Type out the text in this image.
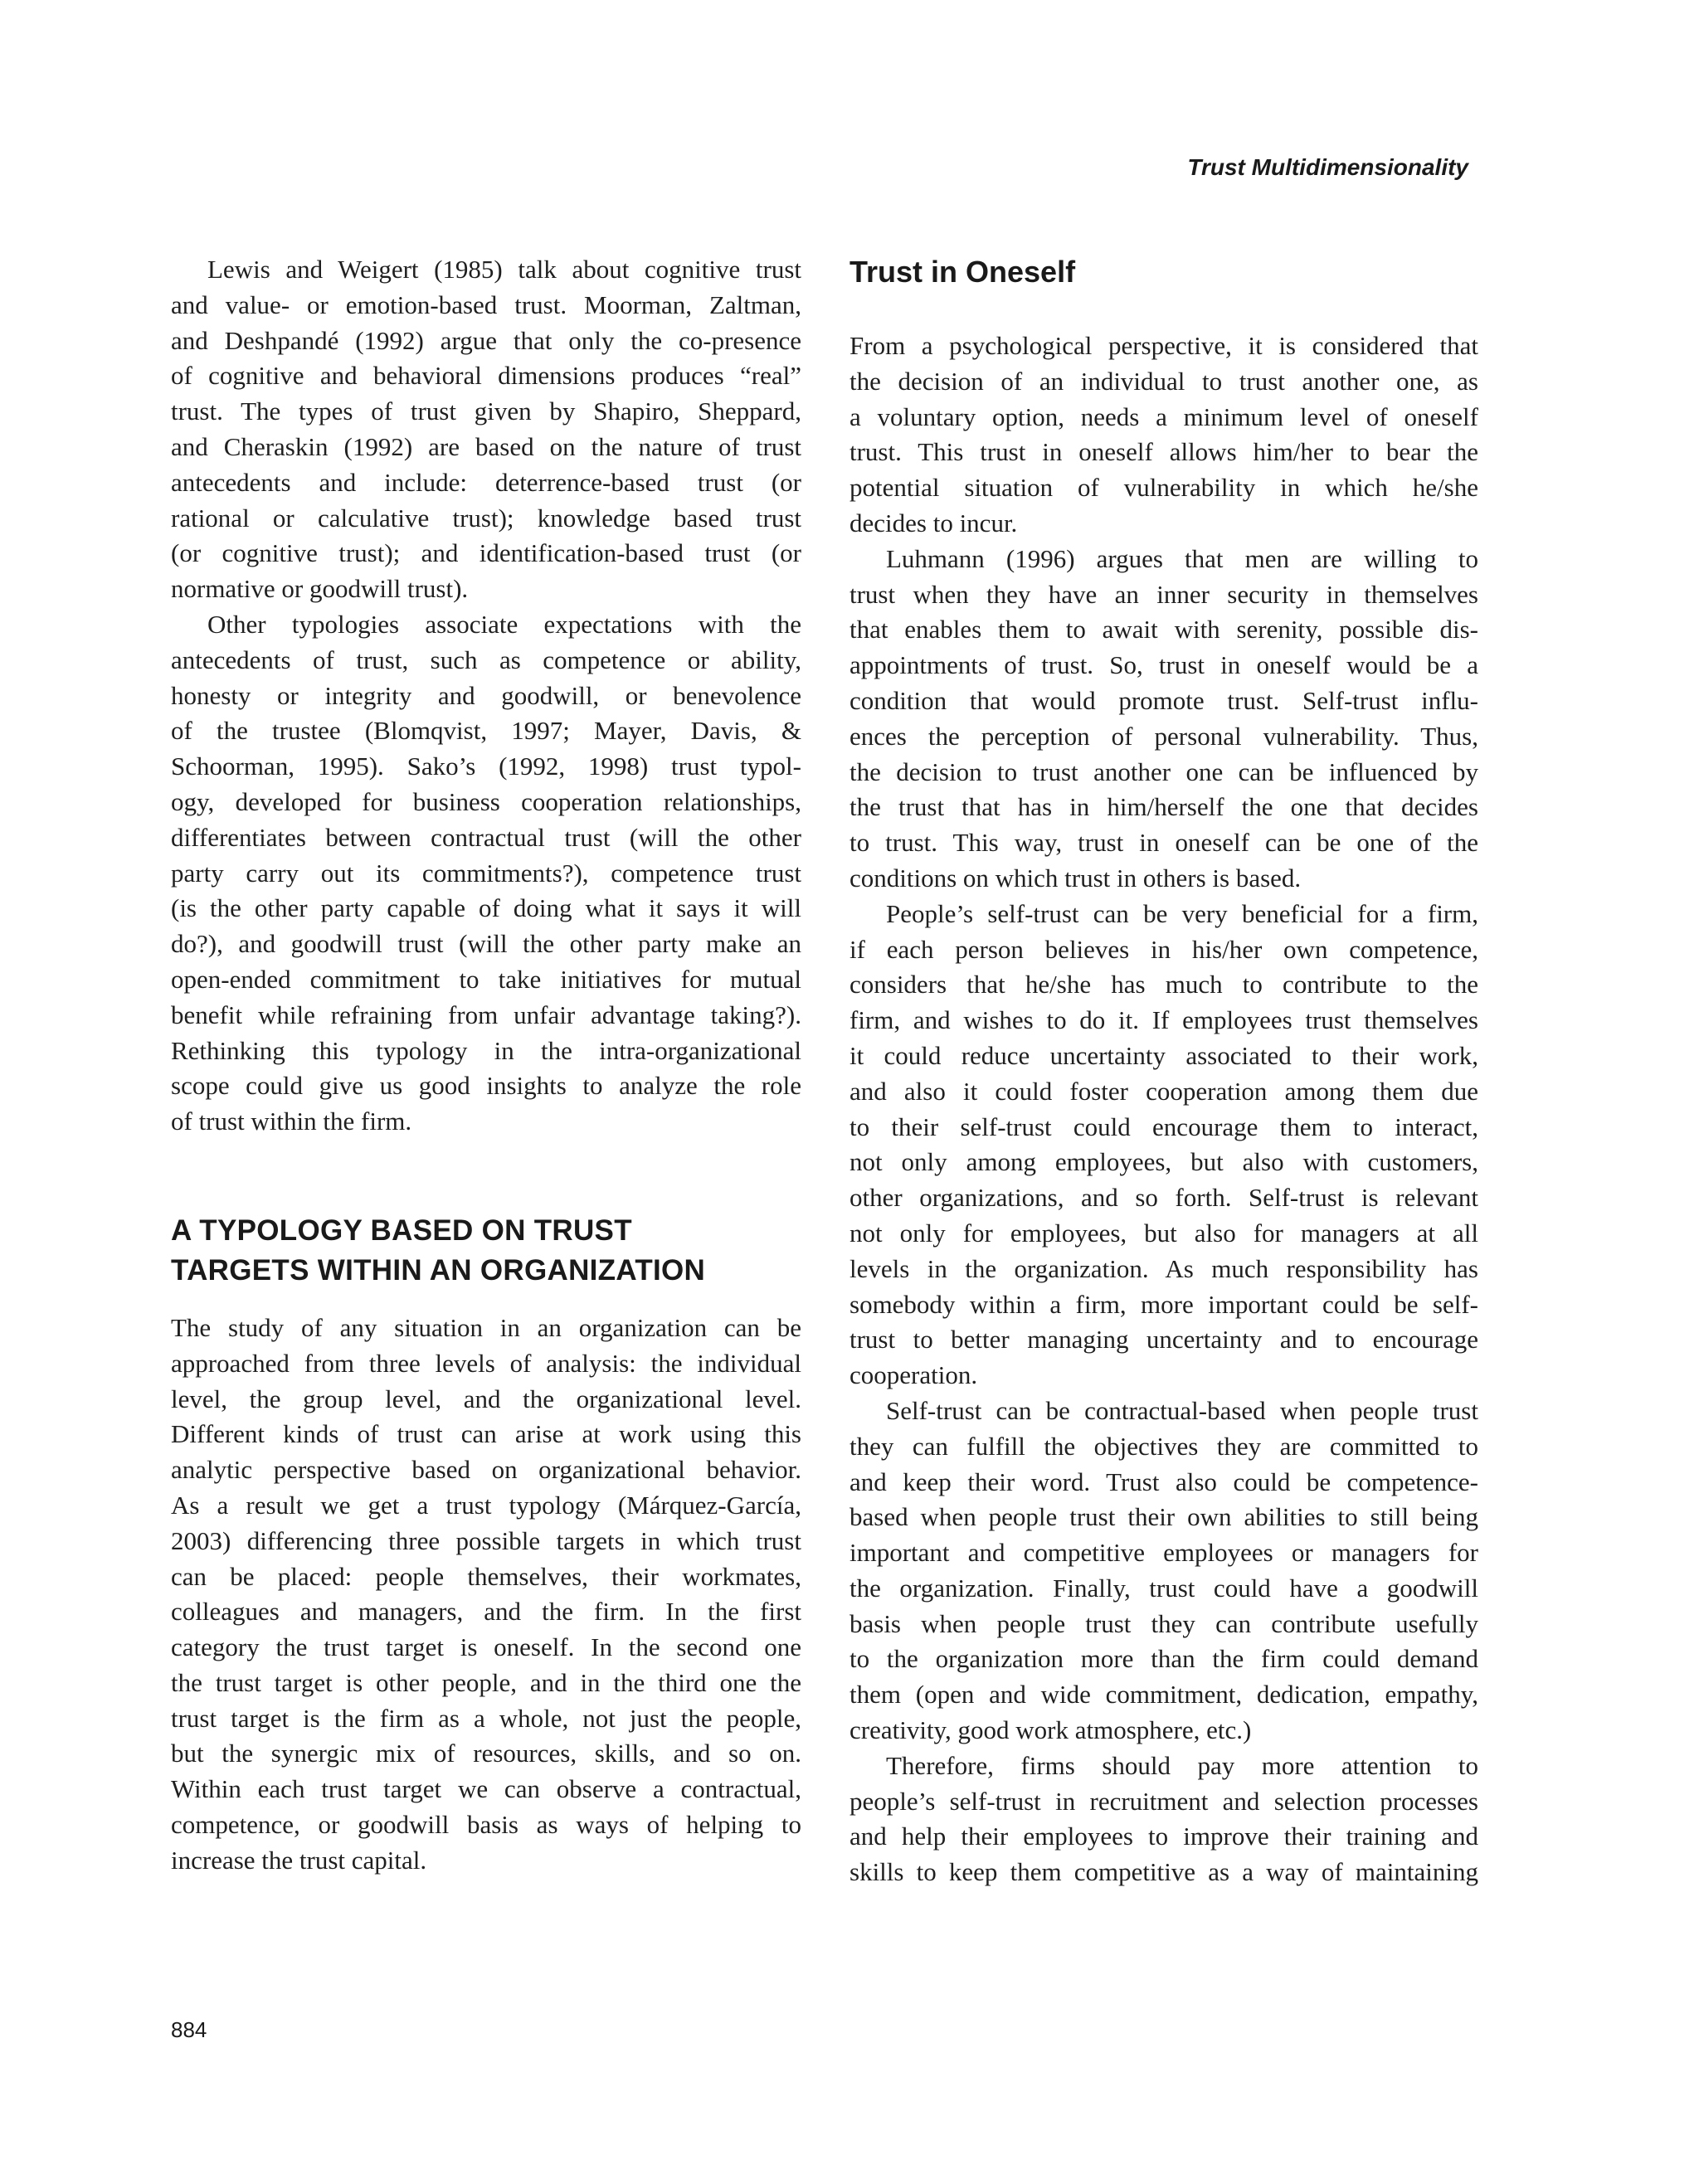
Trust Multidimensionality
Lewis and Weigert (1985) talk about cognitive trust
and value- or emotion-based trust. Moorman, Zaltman,
and Deshpandé (1992) argue that only the co-presence
of cognitive and behavioral dimensions produces “real”
trust. The types of trust given by Shapiro, Sheppard,
and Cheraskin (1992) are based on the nature of trust
antecedents and include: deterrence-based trust (or
rational or calculative trust); knowledge based trust
(or cognitive trust); and identification-based trust (or
normative or goodwill trust).
Other typologies associate expectations with the
antecedents of trust, such as competence or ability,
honesty or integrity and goodwill, or benevolence
of the trustee (Blomqvist, 1997; Mayer, Davis, &
Schoorman, 1995). Sako’s (1992, 1998) trust typol-
ogy, developed for business cooperation relationships,
differentiates between contractual trust (will the other
party carry out its commitments?), competence trust
(is the other party capable of doing what it says it will
do?), and goodwill trust (will the other party make an
open-ended commitment to take initiatives for mutual
benefit while refraining from unfair advantage taking?).
Rethinking this typology in the intra-organizational
scope could give us good insights to analyze the role
of trust within the firm.
A TYPOLOGY BASED ON TRUST
TARGETS WITHIN AN ORGANIZATION
The study of any situation in an organization can be
approached from three levels of analysis: the individual
level, the group level, and the organizational level.
Different kinds of trust can arise at work using this
analytic perspective based on organizational behavior.
As a result we get a trust typology (Márquez-García,
2003) differencing three possible targets in which trust
can be placed: people themselves, their workmates,
colleagues and managers, and the firm. In the first
category the trust target is oneself. In the second one
the trust target is other people, and in the third one the
trust target is the firm as a whole, not just the people,
but the synergic mix of resources, skills, and so on.
Within each trust target we can observe a contractual,
competence, or goodwill basis as ways of helping to
increase the trust capital.
Trust in Oneself
From a psychological perspective, it is considered that
the decision of an individual to trust another one, as
a voluntary option, needs a minimum level of oneself
trust. This trust in oneself allows him/her to bear the
potential situation of vulnerability in which he/she
decides to incur.
Luhmann (1996) argues that men are willing to
trust when they have an inner security in themselves
that enables them to await with serenity, possible dis-
appointments of trust. So, trust in oneself would be a
condition that would promote trust. Self-trust influ-
ences the perception of personal vulnerability. Thus,
the decision to trust another one can be influenced by
the trust that has in him/herself the one that decides
to trust. This way, trust in oneself can be one of the
conditions on which trust in others is based.
People’s self-trust can be very beneficial for a firm,
if each person believes in his/her own competence,
considers that he/she has much to contribute to the
firm, and wishes to do it. If employees trust themselves
it could reduce uncertainty associated to their work,
and also it could foster cooperation among them due
to their self-trust could encourage them to interact,
not only among employees, but also with customers,
other organizations, and so forth. Self-trust is relevant
not only for employees, but also for managers at all
levels in the organization. As much responsibility has
somebody within a firm, more important could be self-
trust to better managing uncertainty and to encourage
cooperation.
Self-trust can be contractual-based when people trust
they can fulfill the objectives they are committed to
and keep their word. Trust also could be competence-
based when people trust their own abilities to still being
important and competitive employees or managers for
the organization. Finally, trust could have a goodwill
basis when people trust they can contribute usefully
to the organization more than the firm could demand
them (open and wide commitment, dedication, empathy,
creativity, good work atmosphere, etc.)
Therefore, firms should pay more attention to
people’s self-trust in recruitment and selection processes
and help their employees to improve their training and
skills to keep them competitive as a way of maintaining
884
